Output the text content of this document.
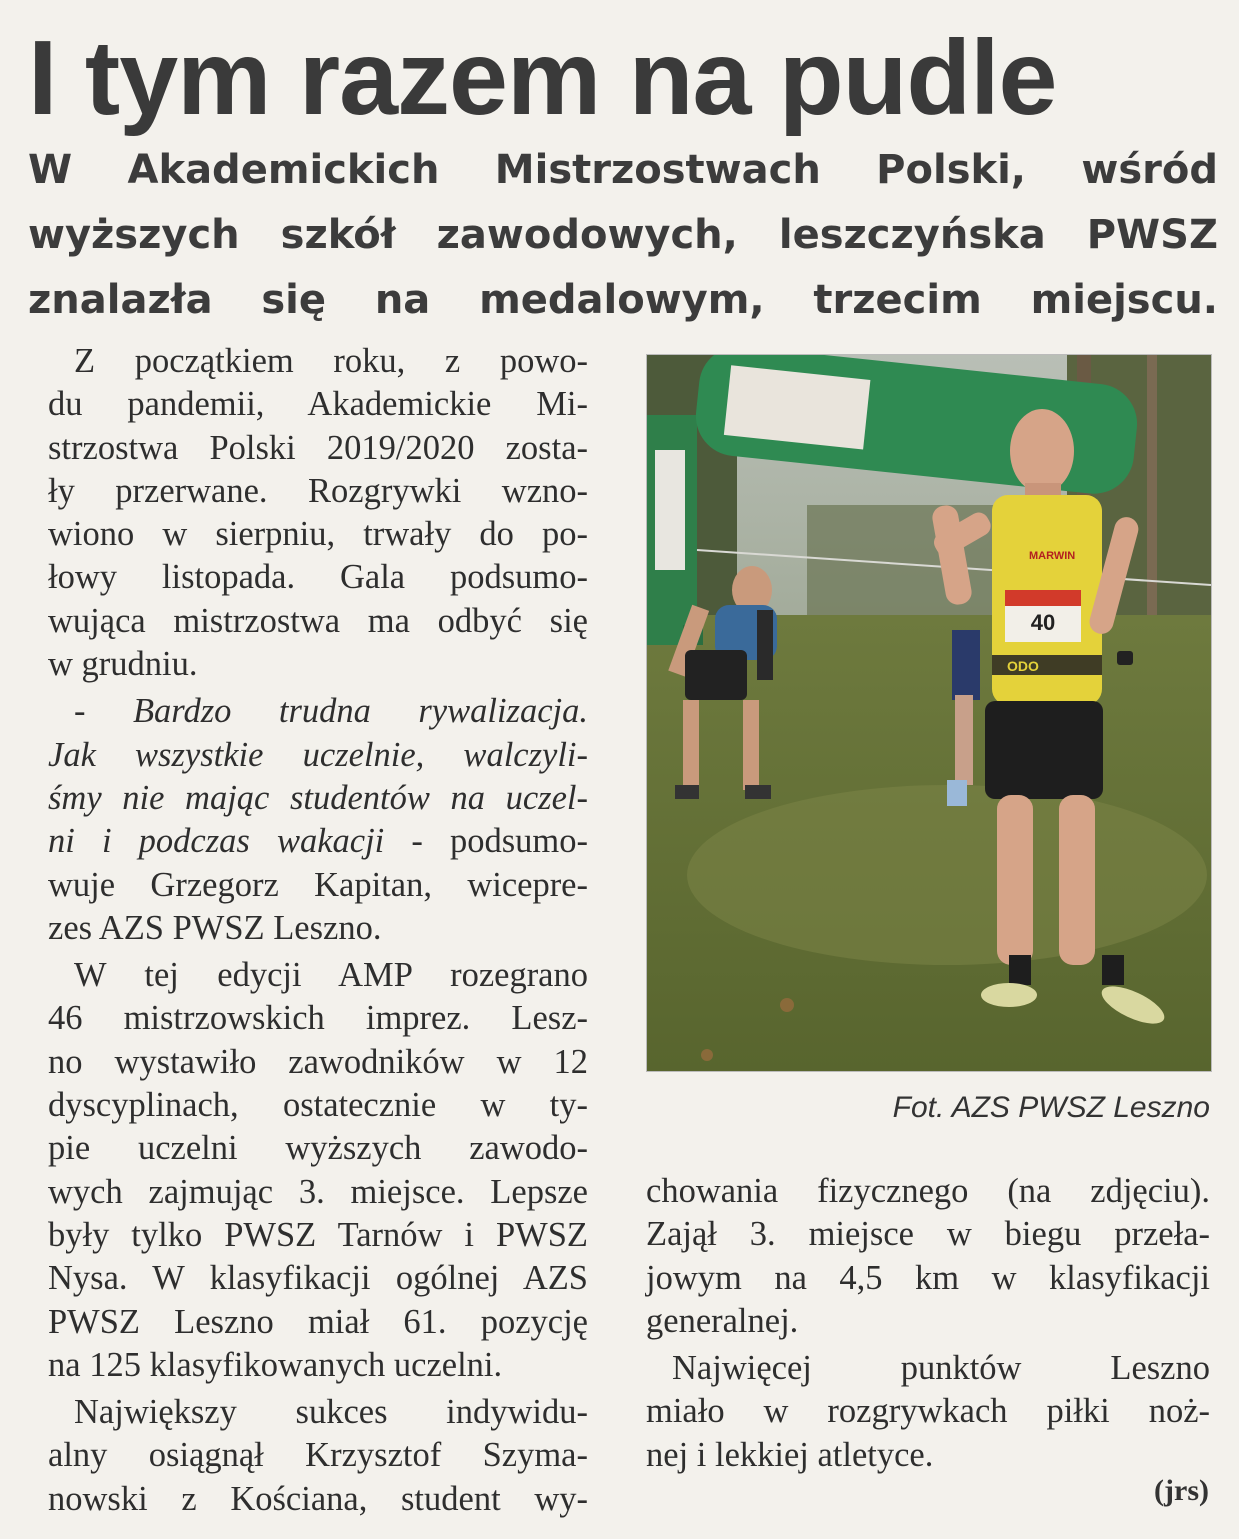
I tym razem na pudle
W Akademickich Mistrzostwach Polski, wśród
wyższych szkół zawodowych, leszczyńska PWSZ
znalazła się na medalowym, trzecim miejscu.
Z początkiem roku, z powo-
du pandemii, Akademickie Mi-
strzostwa Polski 2019/2020 zosta-
ły przerwane. Rozgrywki wzno-
wiono w sierpniu, trwały do po-
łowy listopada. Gala podsumo-
wująca mistrzostwa ma odbyć się
w grudniu.
- Bardzo trudna rywalizacja.
Jak wszystkie uczelnie, walczyli-
śmy nie mając studentów na uczel-
ni i podczas wakacji - podsumo-
wuje Grzegorz Kapitan, wicepre-
zes AZS PWSZ Leszno.
W tej edycji AMP rozegrano
46 mistrzowskich imprez. Lesz-
no wystawiło zawodników w 12
dyscyplinach, ostatecznie w ty-
pie uczelni wyższych zawodo-
wych zajmując 3. miejsce. Lepsze
były tylko PWSZ Tarnów i PWSZ
Nysa. W klasyfikacji ogólnej AZS
PWSZ Leszno miał 61. pozycję
na 125 klasyfikowanych uczelni.
Największy sukces indywidu-
alny osiągnął Krzysztof Szyma-
nowski z Kościana, student wy-
40
MARWIN
ODO
Fot. AZS PWSZ Leszno
chowania fizycznego (na zdjęciu).
Zajął 3. miejsce w biegu przeła-
jowym na 4,5 km w klasyfikacji
generalnej.
Najwięcej punktów Leszno
miało w rozgrywkach piłki noż-
nej i lekkiej atletyce.
(jrs)
